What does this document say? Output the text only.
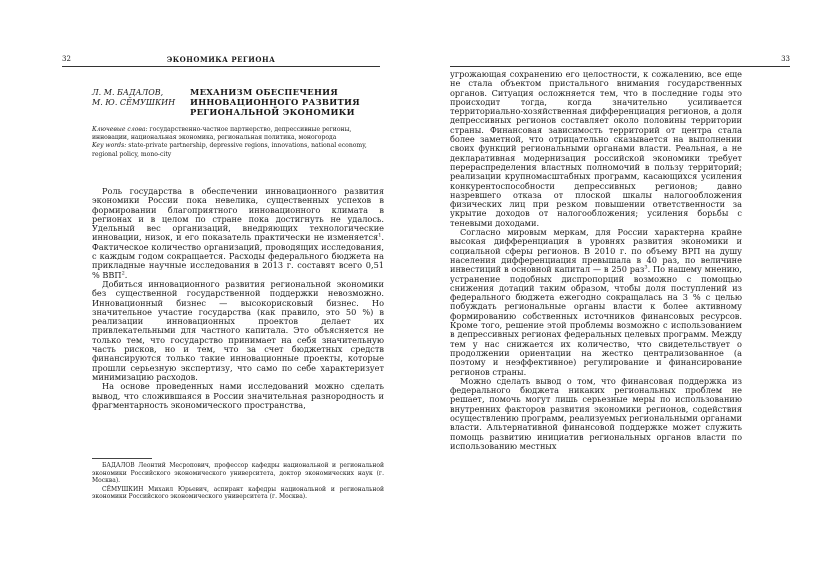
32	ЭКОНОМИКА РЕГИОНА
Л. М. БАДАЛОВ,
М. Ю. СЁМУШКИН
МЕХАНИЗМ ОБЕСПЕЧЕНИЯ
ИННОВАЦИОННОГО РАЗВИТИЯ
РЕГИОНАЛЬНОЙ ЭКОНОМИКИ

Ключевые слова: государственно-частное партнерство, депрессивные регионы, инновации, национальная экономика, региональная политика, моногорода

Key words: state-private partnership, depressive regions, innovations, national economy, regional policy, mono-city

Роль государства в обеспечении инновационного развития экономики России пока невелика, существенных успехов в формировании благоприятного инновационного климата в регионах и в целом по стране пока достигнуть не удалось. Удельный вес организаций, внедряющих технологические инновации, низок, и его показатель практически не изменяется$^1$. Фактическое количество организаций, проводящих исследования, с каждым годом сокращается. Расходы федерального бюджета на прикладные научные исследования в 2013 г. составят всего 0,51 % ВВП$^2$.

Добиться инновационного развития региональной экономики без существенной государственной поддержки невозможно. Инновационный бизнес — высокорисковый бизнес. Но значительное участие государства (как правило, это 50 %) в реализации инновационных проектов делает их привлекательными для частного капитала. Это объясняется не только тем, что государство принимает на себя значительную часть рисков, но и тем, что за счет бюджетных средств финансируются только такие инновационные проекты, которые прошли серьезную экспертизу, что само по себе характеризует минимизацию расходов.

На основе проведенных нами исследований можно сделать вывод, что сложившаяся в России значительная разнородность и фрагментарность экономического пространства,

БАДАЛОВ Леонтий Месропович, профессор кафедры национальной и региональной экономики Российского экономического университета, доктор экономических наук (г. Москва).

СЁМУШКИН Михаил Юрьевич, аспирант кафедры национальной и региональной экономики Российского экономического университета (г. Москва).

33

угрожающая сохранению его целостности, к сожалению, все еще не стала объектом пристального внимания государственных органов. Ситуация осложняется тем, что в последние годы это происходит тогда, когда значительно усиливается территориально-хозяйственная дифференциация регионов, а доля депрессивных регионов составляет около половины территории страны. Финансовая зависимость территорий от центра стала более заметной, что отрицательно сказывается на выполнении своих функций региональными органами власти. Реальная, а не декларативная модернизация российской экономики требует перераспределения властных полномочий в пользу территорий; реализации крупномасштабных программ, касающихся усиления конкурентоспособности депрессивных регионов; давно назревшего отказа от плоской шкалы налогообложения физических лиц при резком повышении ответственности за укрытие доходов от налогообложения; усиления борьбы с теневыми доходами.

Согласно мировым меркам, для России характерна крайне высокая дифференциация в уровнях развития экономики и социальной сферы регионов. В 2010 г. по объему ВРП на душу населения дифференциация превышала в 40 раз, по величине инвестиций в основной капитал — в 250 раз$^3$. По нашему мнению, устранение подобных диспропорций возможно с помощью снижения дотаций таким образом, чтобы доля поступлений из федерального бюджета ежегодно сокращалась на 3 % с целью побуждать региональные органы власти к более активному формированию собственных источников финансовых ресурсов. Кроме того, решение этой проблемы возможно с использованием в депрессивных регионах федеральных целевых программ. Между тем у нас снижается их количество, что свидетельствует о продолжении ориентации на жестко централизованное (а поэтому и неэффективное) регулирование и финансирование регионов страны.

Можно сделать вывод о том, что финансовая поддержка из федерального бюджета никаких региональных проблем не решает, помочь могут лишь серьезные меры по использованию внутренних факторов развития экономики регионов, содействия осуществлению программ, реализуемых региональными органами власти. Альтернативной финансовой поддержке может служить помощь развитию инициатив региональных органов власти по использованию местных
